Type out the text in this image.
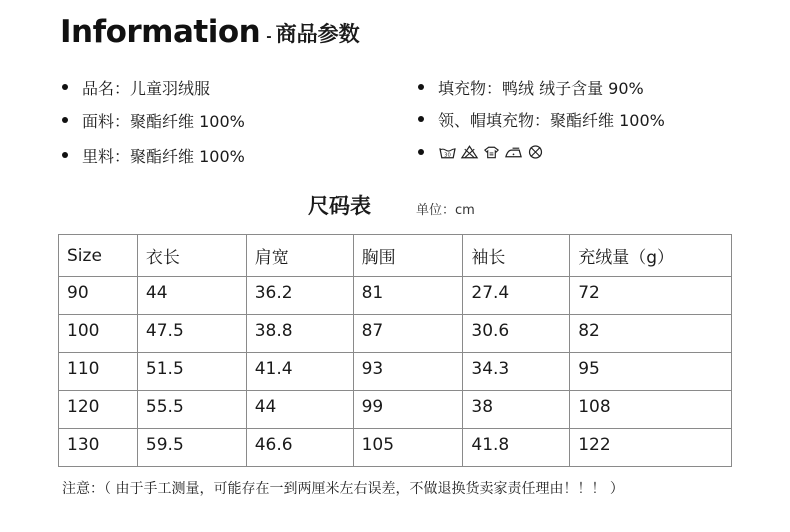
Information - 商品参数
品名：儿童羽绒服
面料：聚酯纤维 100%
里料：聚酯纤维 100%
填充物：鸭绒 绒子含量 90%
领、帽填充物：聚酯纤维 100%
30
尺码表	单位：cm
Size	衣长	肩宽	胸围	袖长	充绒量（g）
90	44	36.2	81	27.4	72
100	47.5	38.8	87	30.6	82
110	51.5	41.4	93	34.3	95
120	55.5	44	99	38	108
130	59.5	46.6	105	41.8	122
注意：（ 由于手工测量，可能存在一到两厘米左右误差，不做退换货卖家责任理由！！！ ）
